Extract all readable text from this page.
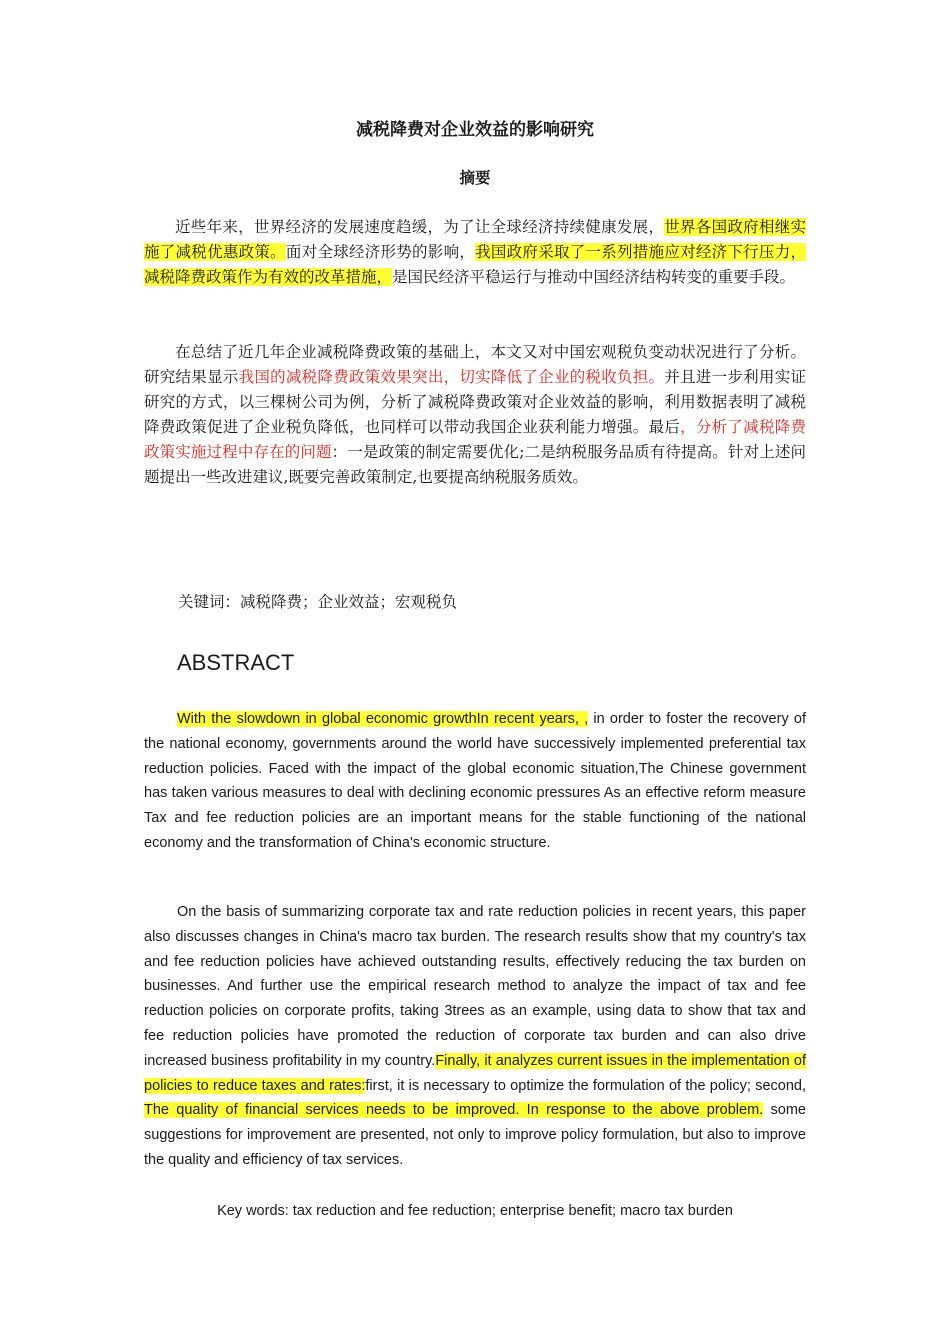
减税降费对企业效益的影响研究
摘要
近些年来，世界经济的发展速度趋缓，为了让全球经济持续健康发展，世界各国政府相继实施了减税优惠政策。面对全球经济形势的影响，我国政府采取了一系列措施应对经济下行压力，减税降费政策作为有效的改革措施，是国民经济平稳运行与推动中国经济结构转变的重要手段。
在总结了近几年企业减税降费政策的基础上，本文又对中国宏观税负变动状况进行了分析。研究结果显示我国的减税降费政策效果突出，切实降低了企业的税收负担。并且进一步利用实证研究的方式，以三棵树公司为例，分析了减税降费政策对企业效益的影响，利用数据表明了减税降费政策促进了企业税负降低，也同样可以带动我国企业获利能力增强。最后，分析了减税降费政策实施过程中存在的问题：一是政策的制定需要优化;二是纳税服务品质有待提高。针对上述问题提出一些改进建议,既要完善政策制定,也要提高纳税服务质效。
关键词：减税降费；企业效益；宏观税负
ABSTRACT
With the slowdown in global economic growthIn recent years, , in order to foster the recovery of the national economy, governments around the world have successively implemented preferential tax reduction policies. Faced with the impact of the global economic situation,The Chinese government has taken various measures to deal with declining economic pressures As an effective reform measure Tax and fee reduction policies are an important means for the stable functioning of the national economy and the transformation of China's economic structure.
On the basis of summarizing corporate tax and rate reduction policies in recent years, this paper also discusses changes in China's macro tax burden. The research results show that my country's tax and fee reduction policies have achieved outstanding results, effectively reducing the tax burden on businesses. And further use the empirical research method to analyze the impact of tax and fee reduction policies on corporate profits, taking 3trees as an example, using data to show that tax and fee reduction policies have promoted the reduction of corporate tax burden and can also drive increased business profitability in my country.Finally, it analyzes current issues in the implementation of policies to reduce taxes and rates:first, it is necessary to optimize the formulation of the policy; second, The quality of financial services needs to be improved. In response to the above problem. some suggestions for improvement are presented, not only to improve policy formulation, but also to improve the quality and efficiency of tax services.
Key words: tax reduction and fee reduction; enterprise benefit; macro tax burden
